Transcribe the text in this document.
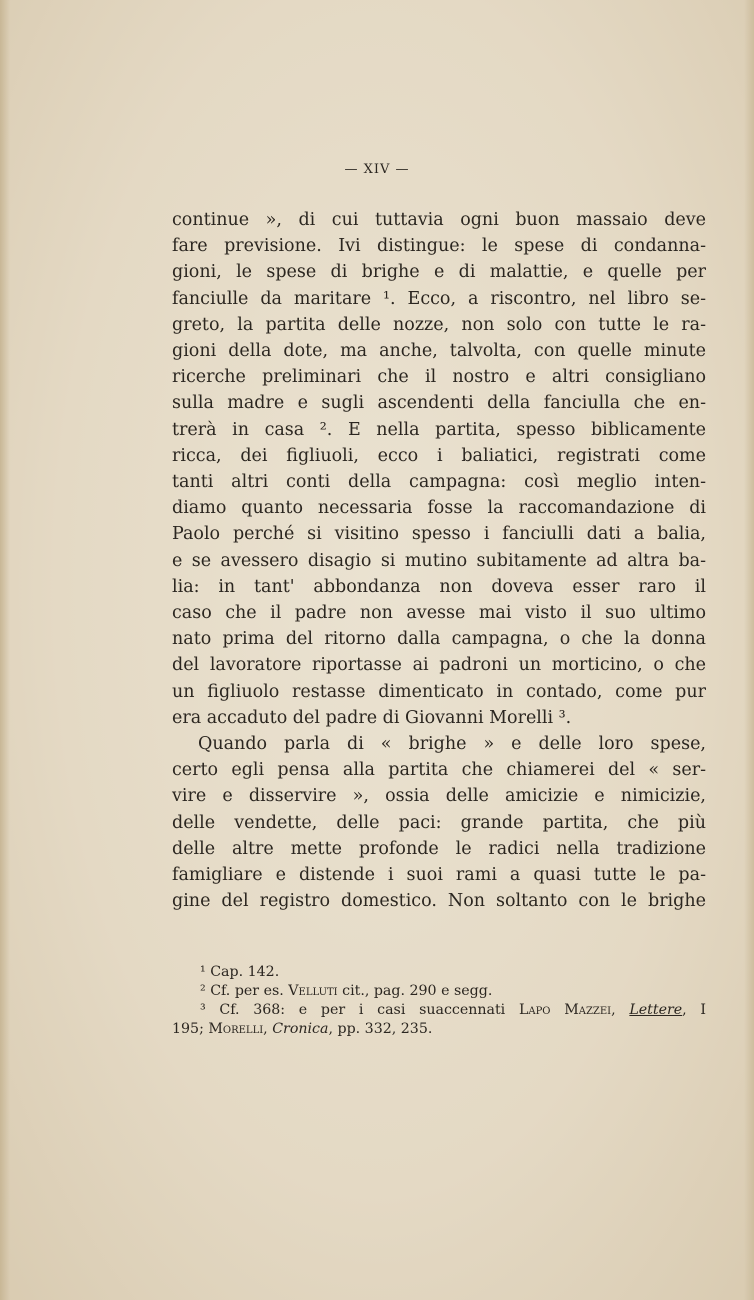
— XIV —
continue », di cui tuttavia ogni buon massaio deve
fare previsione. Ivi distingue: le spese di condanna-
gioni, le spese di brighe e di malattie, e quelle per
fanciulle da maritare ¹. Ecco, a riscontro, nel libro se-
greto, la partita delle nozze, non solo con tutte le ra-
gioni della dote, ma anche, talvolta, con quelle minute
ricerche preliminari che il nostro e altri consigliano
sulla madre e sugli ascendenti della fanciulla che en-
trerà in casa ². E nella partita, spesso biblicamente
ricca, dei figliuoli, ecco i baliatici, registrati come
tanti altri conti della campagna: così meglio inten-
diamo quanto necessaria fosse la raccomandazione di
Paolo perché si visitino spesso i fanciulli dati a balia,
e se avessero disagio si mutino subitamente ad altra ba-
lia: in tant' abbondanza non doveva esser raro il
caso che il padre non avesse mai visto il suo ultimo
nato prima del ritorno dalla campagna, o che la donna
del lavoratore riportasse ai padroni un morticino, o che
un figliuolo restasse dimenticato in contado, come pur
era accaduto del padre di Giovanni Morelli ³.
Quando parla di « brighe » e delle loro spese,
certo egli pensa alla partita che chiamerei del « ser-
vire e disservire », ossia delle amicizie e nimicizie,
delle vendette, delle paci: grande partita, che più
delle altre mette profonde le radici nella tradizione
famigliare e distende i suoi rami a quasi tutte le pa-
gine del registro domestico. Non soltanto con le brighe
¹ Cap. 142.
² Cf. per es. Velluti cit., pag. 290 e segg.
³ Cf. 368: e per i casi suaccennati Lapo Mazzei, Lettere, I
195; Morelli, Cronica, pp. 332, 235.
